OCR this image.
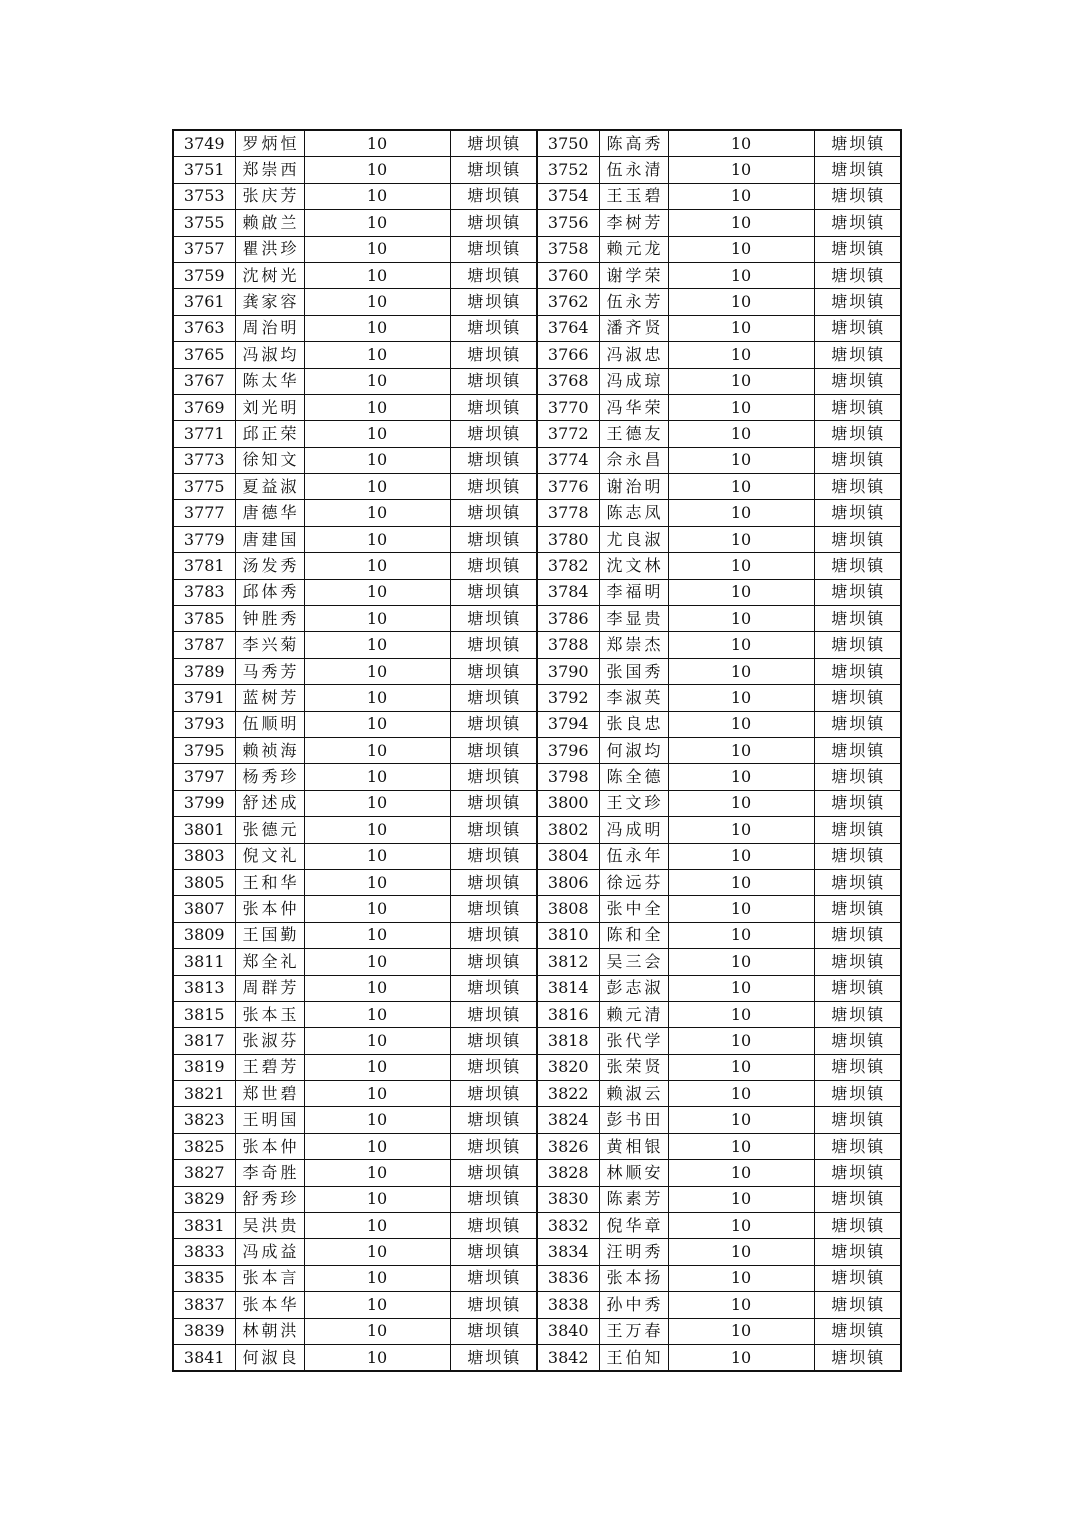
3749	罗炳恒	10	塘坝镇	3750	陈高秀	10	塘坝镇
3751	郑崇西	10	塘坝镇	3752	伍永清	10	塘坝镇
3753	张庆芳	10	塘坝镇	3754	王玉碧	10	塘坝镇
3755	赖啟兰	10	塘坝镇	3756	李树芳	10	塘坝镇
3757	瞿洪珍	10	塘坝镇	3758	赖元龙	10	塘坝镇
3759	沈树光	10	塘坝镇	3760	谢学荣	10	塘坝镇
3761	龚家容	10	塘坝镇	3762	伍永芳	10	塘坝镇
3763	周治明	10	塘坝镇	3764	潘齐贤	10	塘坝镇
3765	冯淑均	10	塘坝镇	3766	冯淑忠	10	塘坝镇
3767	陈太华	10	塘坝镇	3768	冯成琼	10	塘坝镇
3769	刘光明	10	塘坝镇	3770	冯华荣	10	塘坝镇
3771	邱正荣	10	塘坝镇	3772	王德友	10	塘坝镇
3773	徐知文	10	塘坝镇	3774	佘永昌	10	塘坝镇
3775	夏益淑	10	塘坝镇	3776	谢治明	10	塘坝镇
3777	唐德华	10	塘坝镇	3778	陈志凤	10	塘坝镇
3779	唐建国	10	塘坝镇	3780	尤良淑	10	塘坝镇
3781	汤发秀	10	塘坝镇	3782	沈文林	10	塘坝镇
3783	邱体秀	10	塘坝镇	3784	李福明	10	塘坝镇
3785	钟胜秀	10	塘坝镇	3786	李显贵	10	塘坝镇
3787	李兴菊	10	塘坝镇	3788	郑崇杰	10	塘坝镇
3789	马秀芳	10	塘坝镇	3790	张国秀	10	塘坝镇
3791	蓝树芳	10	塘坝镇	3792	李淑英	10	塘坝镇
3793	伍顺明	10	塘坝镇	3794	张良忠	10	塘坝镇
3795	赖祯海	10	塘坝镇	3796	何淑均	10	塘坝镇
3797	杨秀珍	10	塘坝镇	3798	陈全德	10	塘坝镇
3799	舒述成	10	塘坝镇	3800	王文珍	10	塘坝镇
3801	张德元	10	塘坝镇	3802	冯成明	10	塘坝镇
3803	倪文礼	10	塘坝镇	3804	伍永年	10	塘坝镇
3805	王和华	10	塘坝镇	3806	徐远芬	10	塘坝镇
3807	张本仲	10	塘坝镇	3808	张中全	10	塘坝镇
3809	王国勤	10	塘坝镇	3810	陈和全	10	塘坝镇
3811	郑全礼	10	塘坝镇	3812	吴三会	10	塘坝镇
3813	周群芳	10	塘坝镇	3814	彭志淑	10	塘坝镇
3815	张本玉	10	塘坝镇	3816	赖元清	10	塘坝镇
3817	张淑芬	10	塘坝镇	3818	张代学	10	塘坝镇
3819	王碧芳	10	塘坝镇	3820	张荣贤	10	塘坝镇
3821	郑世碧	10	塘坝镇	3822	赖淑云	10	塘坝镇
3823	王明国	10	塘坝镇	3824	彭书田	10	塘坝镇
3825	张本仲	10	塘坝镇	3826	黄相银	10	塘坝镇
3827	李奇胜	10	塘坝镇	3828	林顺安	10	塘坝镇
3829	舒秀珍	10	塘坝镇	3830	陈素芳	10	塘坝镇
3831	吴洪贵	10	塘坝镇	3832	倪华章	10	塘坝镇
3833	冯成益	10	塘坝镇	3834	汪明秀	10	塘坝镇
3835	张本言	10	塘坝镇	3836	张本扬	10	塘坝镇
3837	张本华	10	塘坝镇	3838	孙中秀	10	塘坝镇
3839	林朝洪	10	塘坝镇	3840	王万春	10	塘坝镇
3841	何淑良	10	塘坝镇	3842	王伯知	10	塘坝镇
